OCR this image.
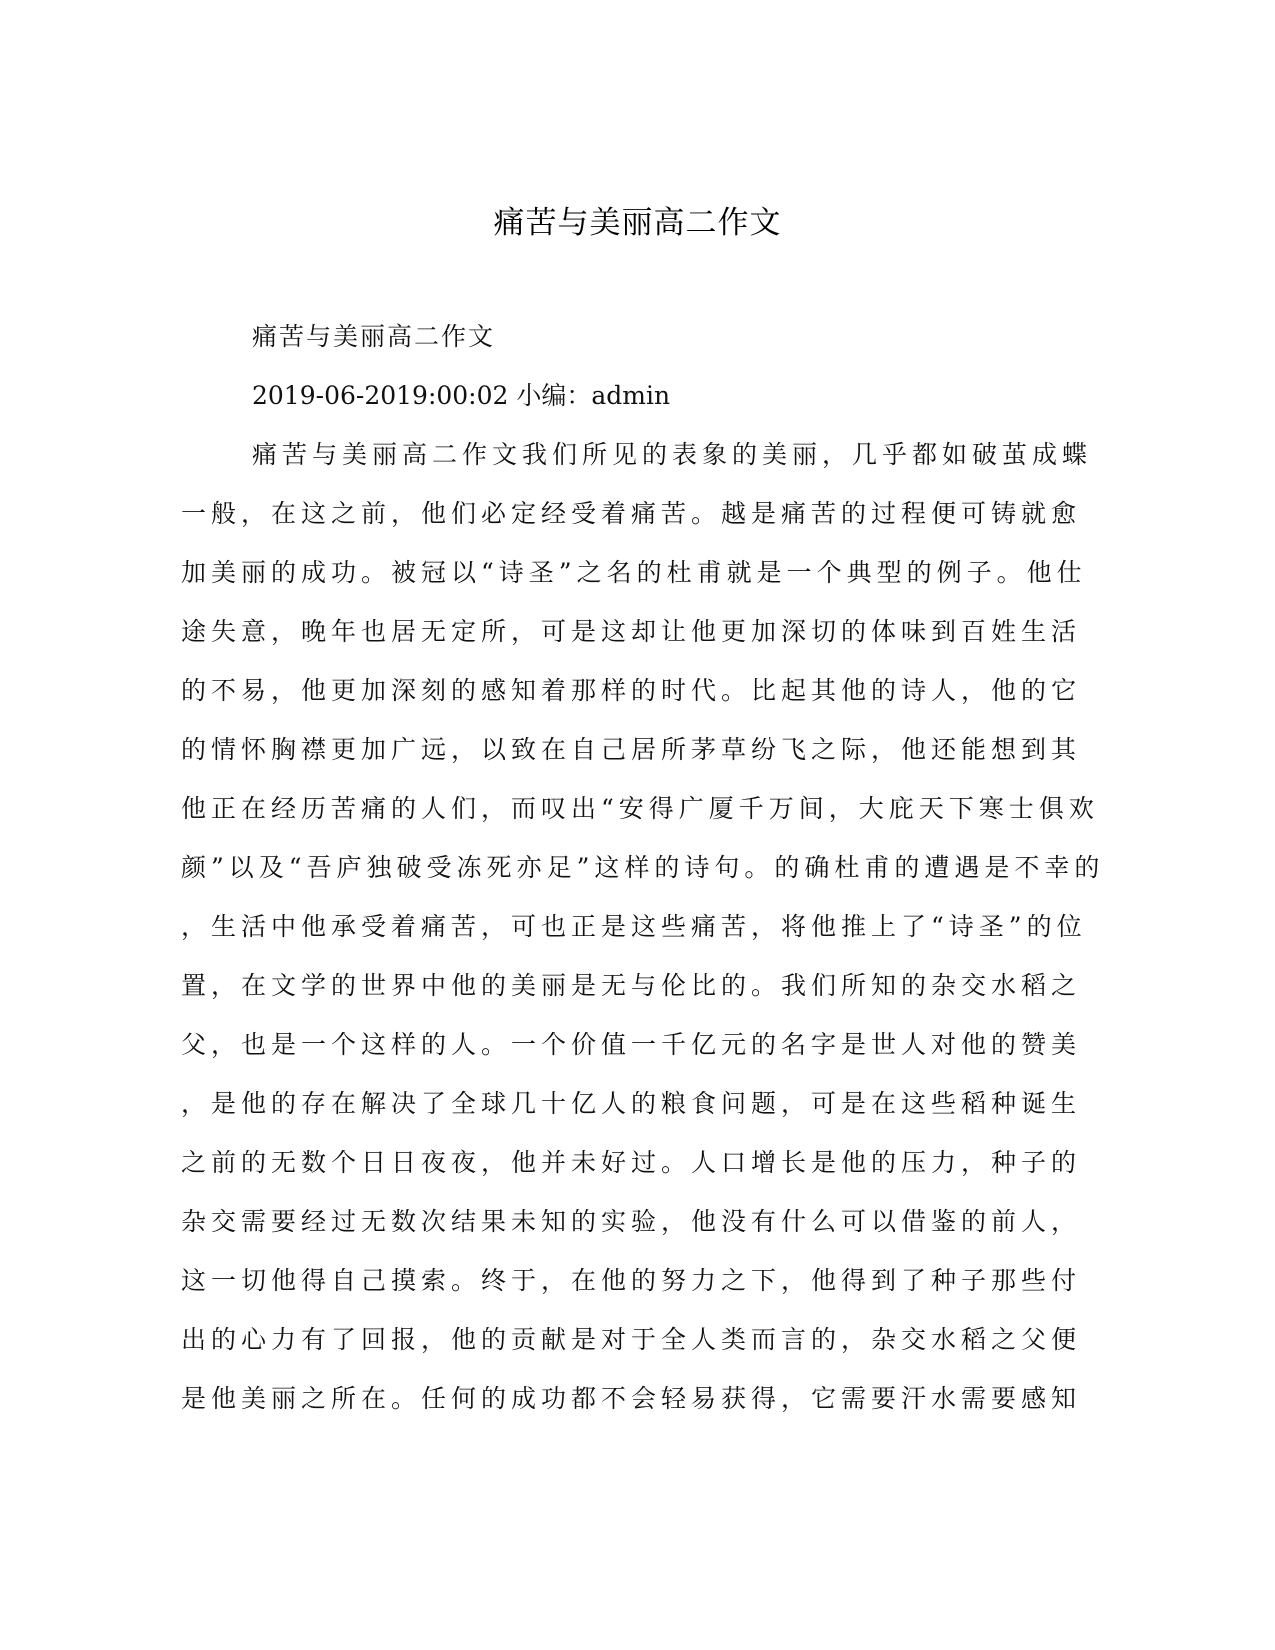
痛苦与美丽高二作文
痛苦与美丽高二作文
2019-06-2019:00:02 小编：admin
痛苦与美丽高二作文我们所见的表象的美丽，几乎都如破茧成蝶
一般，在这之前，他们必定经受着痛苦。越是痛苦的过程便可铸就愈
加美丽的成功。被冠以“诗圣”之名的杜甫就是一个典型的例子。他仕
途失意，晚年也居无定所，可是这却让他更加深切的体味到百姓生活
的不易，他更加深刻的感知着那样的时代。比起其他的诗人，他的它
的情怀胸襟更加广远，以致在自己居所茅草纷飞之际，他还能想到其
他正在经历苦痛的人们，而叹出“安得广厦千万间，大庇天下寒士俱欢
颜”以及“吾庐独破受冻死亦足”这样的诗句。的确杜甫的遭遇是不幸的
，生活中他承受着痛苦，可也正是这些痛苦，将他推上了“诗圣”的位
置，在文学的世界中他的美丽是无与伦比的。我们所知的杂交水稻之
父，也是一个这样的人。一个价值一千亿元的名字是世人对他的赞美
，是他的存在解决了全球几十亿人的粮食问题，可是在这些稻种诞生
之前的无数个日日夜夜，他并未好过。人口增长是他的压力，种子的
杂交需要经过无数次结果未知的实验，他没有什么可以借鉴的前人，
这一切他得自己摸索。终于，在他的努力之下，他得到了种子那些付
出的心力有了回报，他的贡献是对于全人类而言的，杂交水稻之父便
是他美丽之所在。任何的成功都不会轻易获得，它需要汗水需要感知
